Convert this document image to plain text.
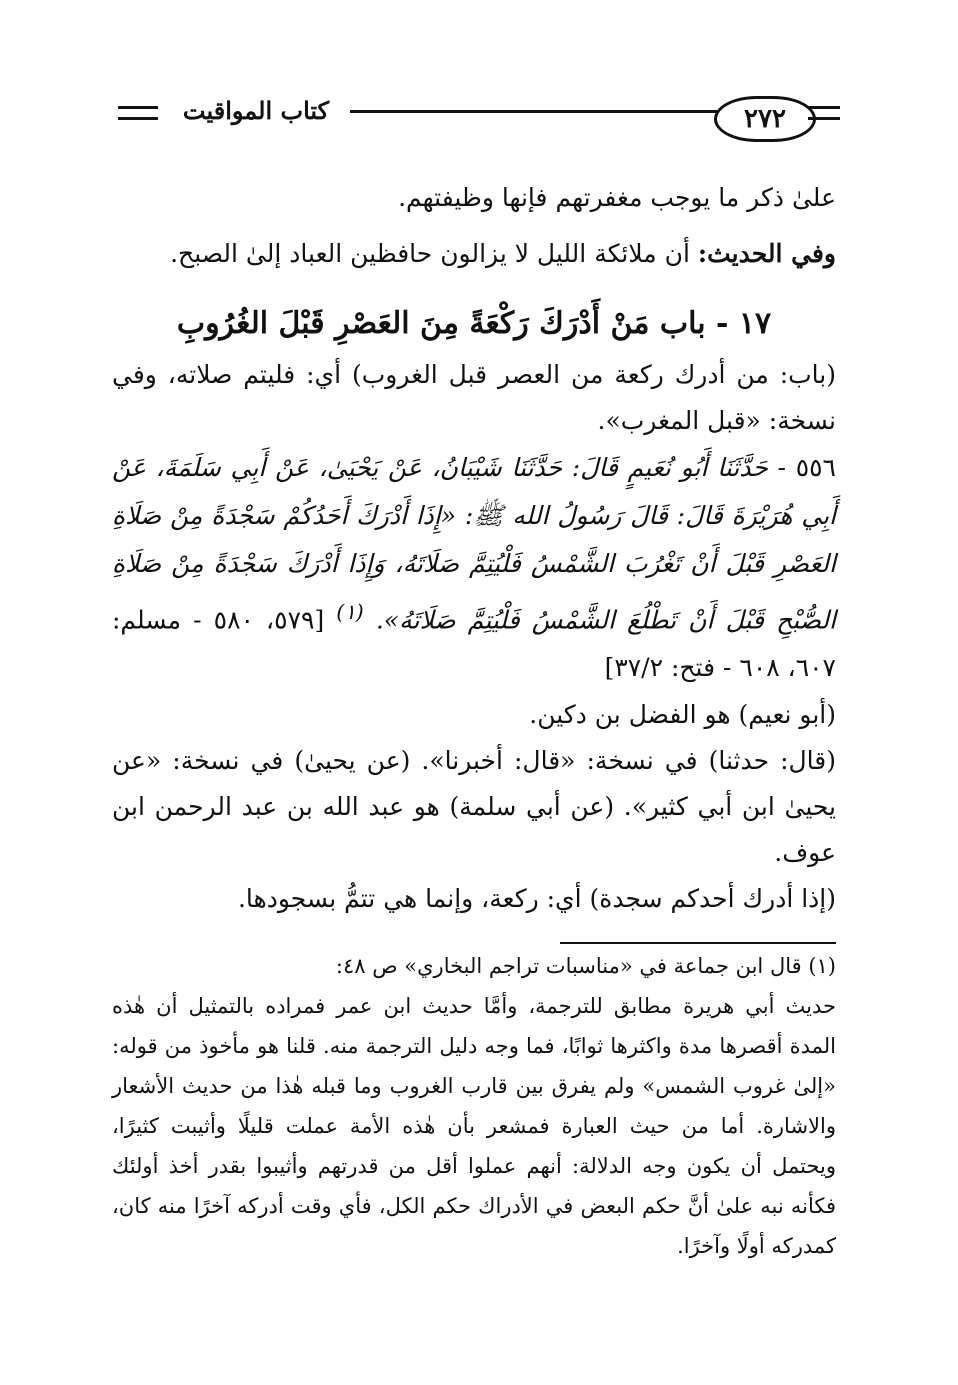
كتاب المواقيت	٢٧٢

علىٰ ذكر ما يوجب مغفرتهم فإنها وظيفتهم.

وفي الحديث: أن ملائكة الليل لا يزالون حافظين العباد إلىٰ الصبح.

١٧ - باب مَنْ أَدْرَكَ رَكْعَةً مِنَ العَصْرِ قَبْلَ الغُرُوبِ

(باب: من أدرك ركعة من العصر قبل الغروب) أي: فليتم صلاته، وفي نسخة: «قبل المغرب».

٥٥٦ - حَدَّثَنَا أَبُو نُعَيمٍ قَالَ: حَدَّثَنَا شَيْبَانُ، عَنْ يَحْيَىٰ، عَنْ أَبِي سَلَمَةَ، عَنْ أَبِي هُرَيْرَةَ قَالَ: قَالَ رَسُولُ الله ﷺ: «إِذَا أَدْرَكَ أَحَدُكُمْ سَجْدَةً مِنْ صَلَاةِ العَصْرِ قَبْلَ أَنْ تَغْرُبَ الشَّمْسُ فَلْيُتِمَّ صَلَاتَهُ، وَإِذَا أَدْرَكَ سَجْدَةً مِنْ صَلَاةِ الصُّبْحِ قَبْلَ أَنْ تَطْلُعَ الشَّمْسُ فَلْيُتِمَّ صَلَاتَهُ». $^{(١)}$ [٥٧٩، ٥٨٠ - مسلم: ٦٠٧، ٦٠٨ - فتح: ٣٧/٢]

(أبو نعيم) هو الفضل بن دكين.

(قال: حدثنا) في نسخة: «قال: أخبرنا». (عن يحيىٰ) في نسخة: «عن يحيىٰ ابن أبي كثير». (عن أبي سلمة) هو عبد الله بن عبد الرحمن ابن عوف.

(إذا أدرك أحدكم سجدة) أي: ركعة، وإنما هي تتمُّ بسجودها.

(١) قال ابن جماعة في «مناسبات تراجم البخاري» ص ٤٨:

حديث أبي هريرة مطابق للترجمة، وأمَّا حديث ابن عمر فمراده بالتمثيل أن هٰذه المدة أقصرها مدة واكثرها ثوابًا، فما وجه دليل الترجمة منه. قلنا هو مأخوذ من قوله: «إلىٰ غروب الشمس» ولم يفرق بين قارب الغروب وما قبله هٰذا من حديث الأشعار والاشارة. أما من حيث العبارة فمشعر بأن هٰذه الأمة عملت قليلًا وأثيبت كثيرًا، ويحتمل أن يكون وجه الدلالة: أنهم عملوا أقل من قدرتهم وأثيبوا بقدر أخذ أولئك فكأنه نبه علىٰ أنَّ حكم البعض في الأدراك حكم الكل، فأي وقت أدركه آخرًا منه كان، كمدركه أولًا وآخرًا.
